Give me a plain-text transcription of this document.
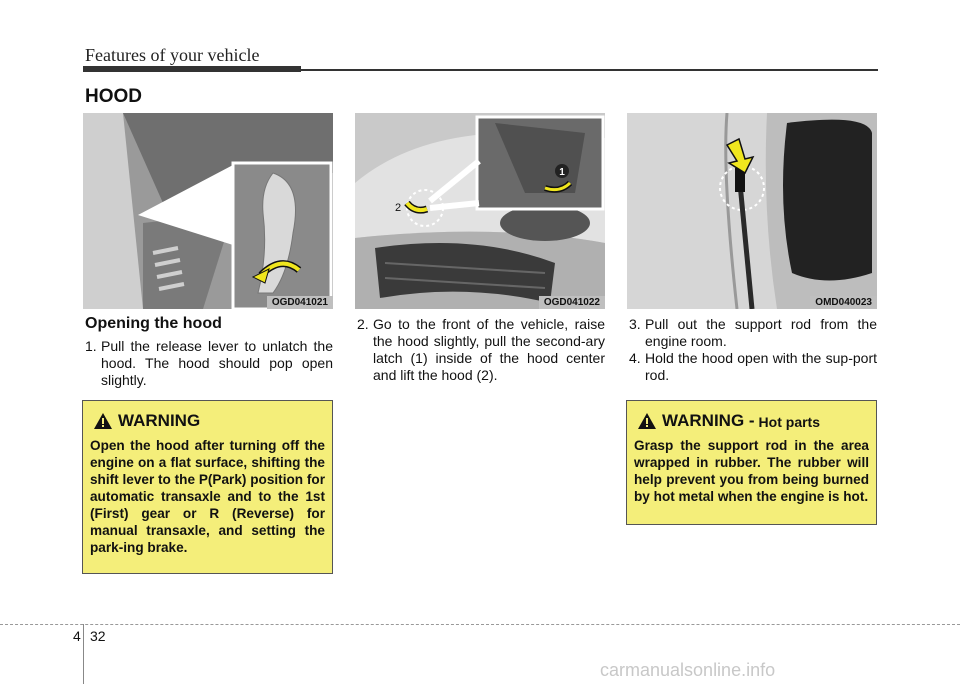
Features of your vehicle
HOOD
OGD041021
1
2
OGD041022	OMD040023
Opening the hood
1. Pull the release lever to unlatch the hood. The hood should pop open slightly.
2. Go to the front of the vehicle, raise the hood slightly, pull the second-ary latch (1) inside of the hood center and lift the hood (2).
3. Pull out the support rod from the engine room.
4. Hold the hood open with the sup-port rod.
WARNING
Open the hood after turning off the engine on a flat surface, shifting the shift lever to the P(Park) position for automatic transaxle and to the 1st (First) gear or R (Reverse) for manual transaxle, and setting the park-ing brake.
WARNING - Hot parts
Grasp the support rod in the area wrapped in rubber. The rubber will help prevent you from being burned by hot metal when the engine is hot.
4 32
carmanualsonline.info
